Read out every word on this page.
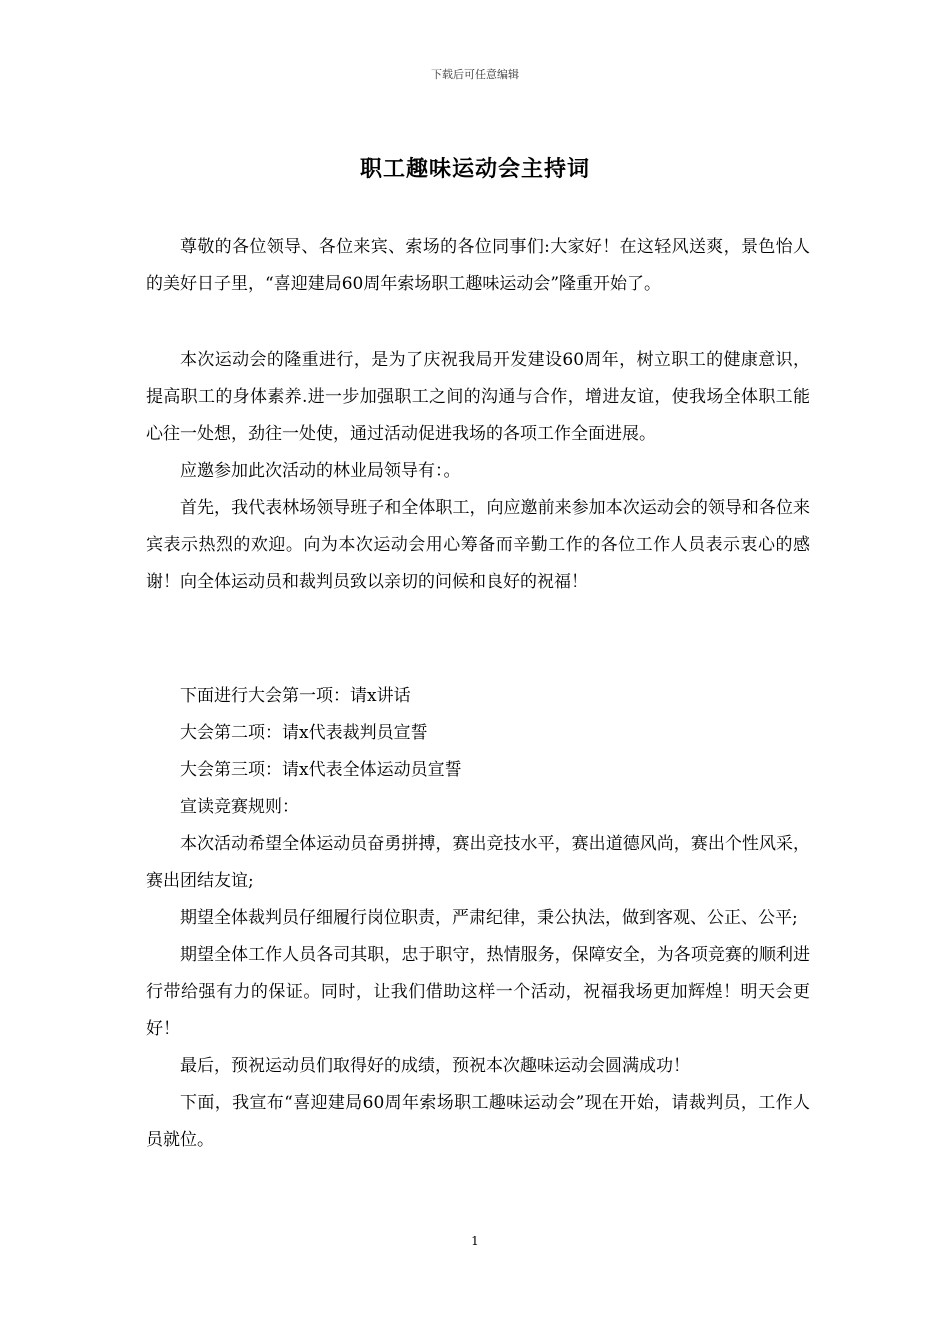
下载后可任意编辑
职工趣味运动会主持词

尊敬的各位领导、各位来宾、索场的各位同事们:大家好！在这轻风送爽，景色怡人的美好日子里，“喜迎建局60周年索场职工趣味运动会”隆重开始了。

本次运动会的隆重进行，是为了庆祝我局开发建设60周年，树立职工的健康意识，提高职工的身体素养.进一步加强职工之间的沟通与合作，增进友谊，使我场全体职工能心往一处想，劲往一处使，通过活动促进我场的各项工作全面进展。

应邀参加此次活动的林业局领导有：。

首先，我代表林场领导班子和全体职工，向应邀前来参加本次运动会的领导和各位来宾表示热烈的欢迎。向为本次运动会用心筹备而辛勤工作的各位工作人员表示衷心的感谢！向全体运动员和裁判员致以亲切的问候和良好的祝福！

下面进行大会第一项：请x讲话

大会第二项：请x代表裁判员宣誓

大会第三项：请x代表全体运动员宣誓

宣读竞赛规则：

本次活动希望全体运动员奋勇拼搏，赛出竞技水平，赛出道德风尚，赛出个性风采，赛出团结友谊;

期望全体裁判员仔细履行岗位职责，严肃纪律，秉公执法，做到客观、公正、公平;

期望全体工作人员各司其职，忠于职守，热情服务，保障安全，为各项竞赛的顺利进行带给强有力的保证。同时，让我们借助这样一个活动，祝福我场更加辉煌！明天会更好！

最后，预祝运动员们取得好的成绩，预祝本次趣味运动会圆满成功！

下面，我宣布“喜迎建局60周年索场职工趣味运动会”现在开始，请裁判员，工作人员就位。

1
